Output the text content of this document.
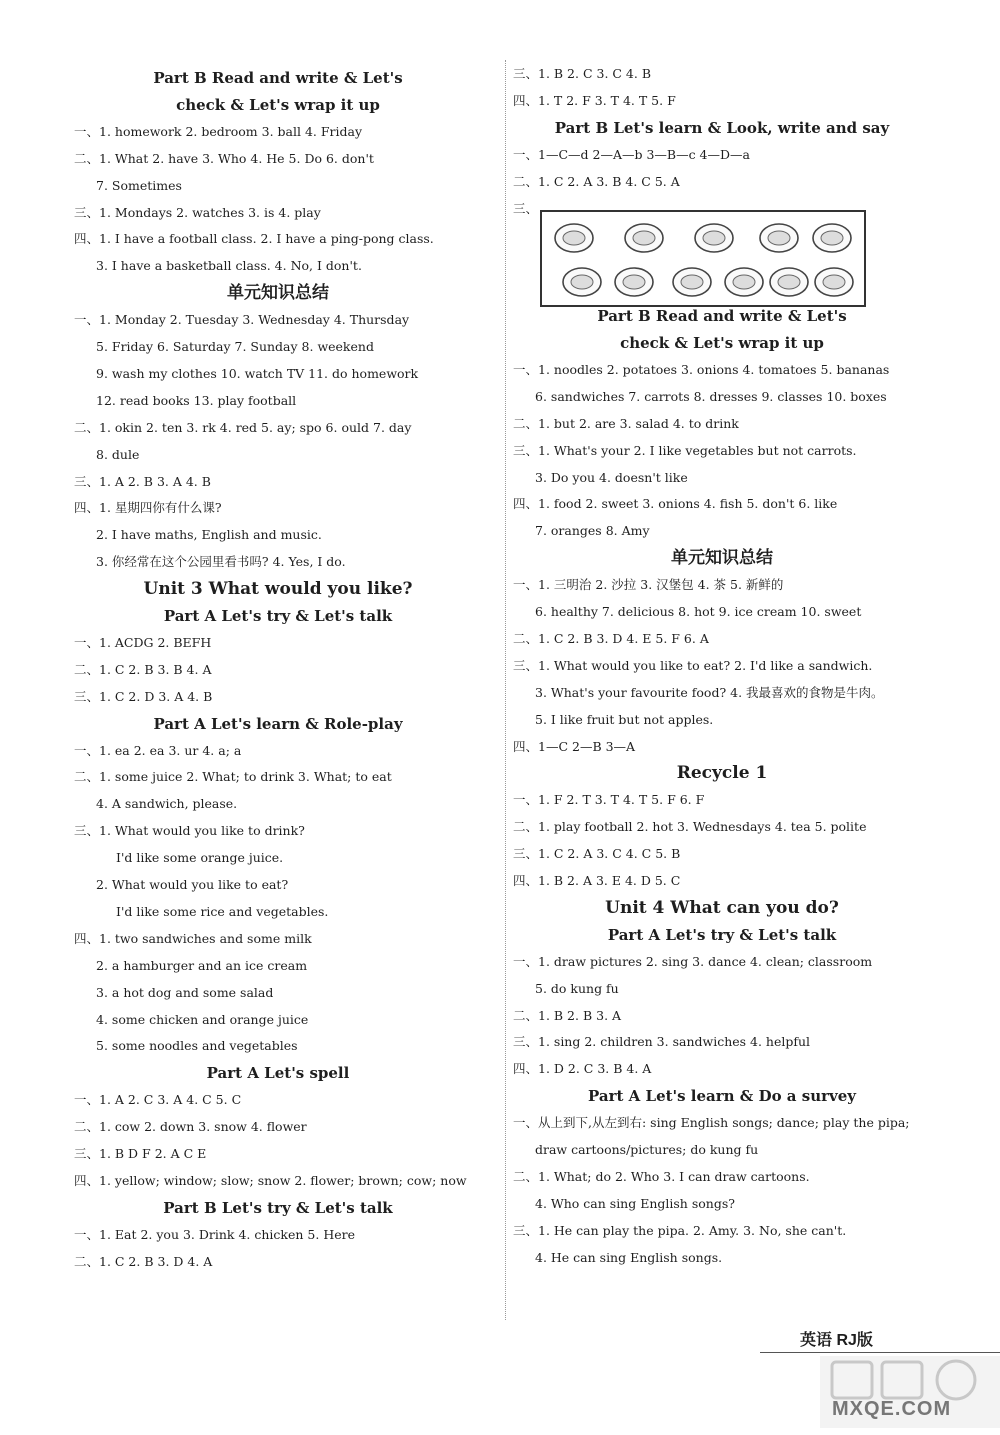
Part B Read and write & Let's
check & Let's wrap it up
一、1. homework 2. bedroom 3. ball 4. Friday
二、1. What 2. have 3. Who 4. He 5. Do 6. don't
7. Sometimes
三、1. Mondays 2. watches 3. is 4. play
四、1. I have a football class. 2. I have a ping-pong class.
3. I have a basketball class. 4. No, I don't.
单元知识总结
一、1. Monday 2. Tuesday 3. Wednesday 4. Thursday
5. Friday 6. Saturday 7. Sunday 8. weekend
9. wash my clothes 10. watch TV 11. do homework
12. read books 13. play football
二、1. okin 2. ten 3. rk 4. red 5. ay; spo 6. ould 7. day
8. dule
三、1. A 2. B 3. A 4. B
四、1. 星期四你有什么课?
2. I have maths, English and music.
3. 你经常在这个公园里看书吗? 4. Yes, I do.
Unit 3 What would you like?
Part A Let's try & Let's talk
一、1. ACDG 2. BEFH
二、1. C 2. B 3. B 4. A
三、1. C 2. D 3. A 4. B
Part A Let's learn & Role-play
一、1. ea 2. ea 3. ur 4. a; a
二、1. some juice 2. What; to drink 3. What; to eat
4. A sandwich, please.
三、1. What would you like to drink?
I'd like some orange juice.
2. What would you like to eat?
I'd like some rice and vegetables.
四、1. two sandwiches and some milk
2. a hamburger and an ice cream
3. a hot dog and some salad
4. some chicken and orange juice
5. some noodles and vegetables
Part A Let's spell
一、1. A 2. C 3. A 4. C 5. C
二、1. cow 2. down 3. snow 4. flower
三、1. B D F 2. A C E
四、1. yellow; window; slow; snow 2. flower; brown; cow; now
Part B Let's try & Let's talk
一、1. Eat 2. you 3. Drink 4. chicken 5. Here
二、1. C 2. B 3. D 4. A
三、1. B 2. C 3. C 4. B
四、1. T 2. F 3. T 4. T 5. F
Part B Let's learn & Look, write and say
一、1—C—d 2—A—b 3—B—c 4—D—a
二、1. C 2. A 3. B 4. C 5. A
三、
Part B Read and write & Let's
check & Let's wrap it up
一、1. noodles 2. potatoes 3. onions 4. tomatoes 5. bananas
6. sandwiches 7. carrots 8. dresses 9. classes 10. boxes
二、1. but 2. are 3. salad 4. to drink
三、1. What's your 2. I like vegetables but not carrots.
3. Do you 4. doesn't like
四、1. food 2. sweet 3. onions 4. fish 5. don't 6. like
7. oranges 8. Amy
单元知识总结
一、1. 三明治 2. 沙拉 3. 汉堡包 4. 茶 5. 新鲜的
6. healthy 7. delicious 8. hot 9. ice cream 10. sweet
二、1. C 2. B 3. D 4. E 5. F 6. A
三、1. What would you like to eat? 2. I'd like a sandwich.
3. What's your favourite food? 4. 我最喜欢的食物是牛肉。
5. I like fruit but not apples.
四、1—C 2—B 3—A
Recycle 1
一、1. F 2. T 3. T 4. T 5. F 6. F
二、1. play football 2. hot 3. Wednesdays 4. tea 5. polite
三、1. C 2. A 3. C 4. C 5. B
四、1. B 2. A 3. E 4. D 5. C
Unit 4 What can you do?
Part A Let's try & Let's talk
一、1. draw pictures 2. sing 3. dance 4. clean; classroom
5. do kung fu
二、1. B 2. B 3. A
三、1. sing 2. children 3. sandwiches 4. helpful
四、1. D 2. C 3. B 4. A
Part A Let's learn & Do a survey
一、从上到下,从左到右: sing English songs; dance; play the pipa;
draw cartoons/pictures; do kung fu
二、1. What; do 2. Who 3. I can draw cartoons.
4. Who can sing English songs?
三、1. He can play the pipa. 2. Amy. 3. No, she can't.
4. He can sing English songs.
英语 RJ版
MXQE.COM
